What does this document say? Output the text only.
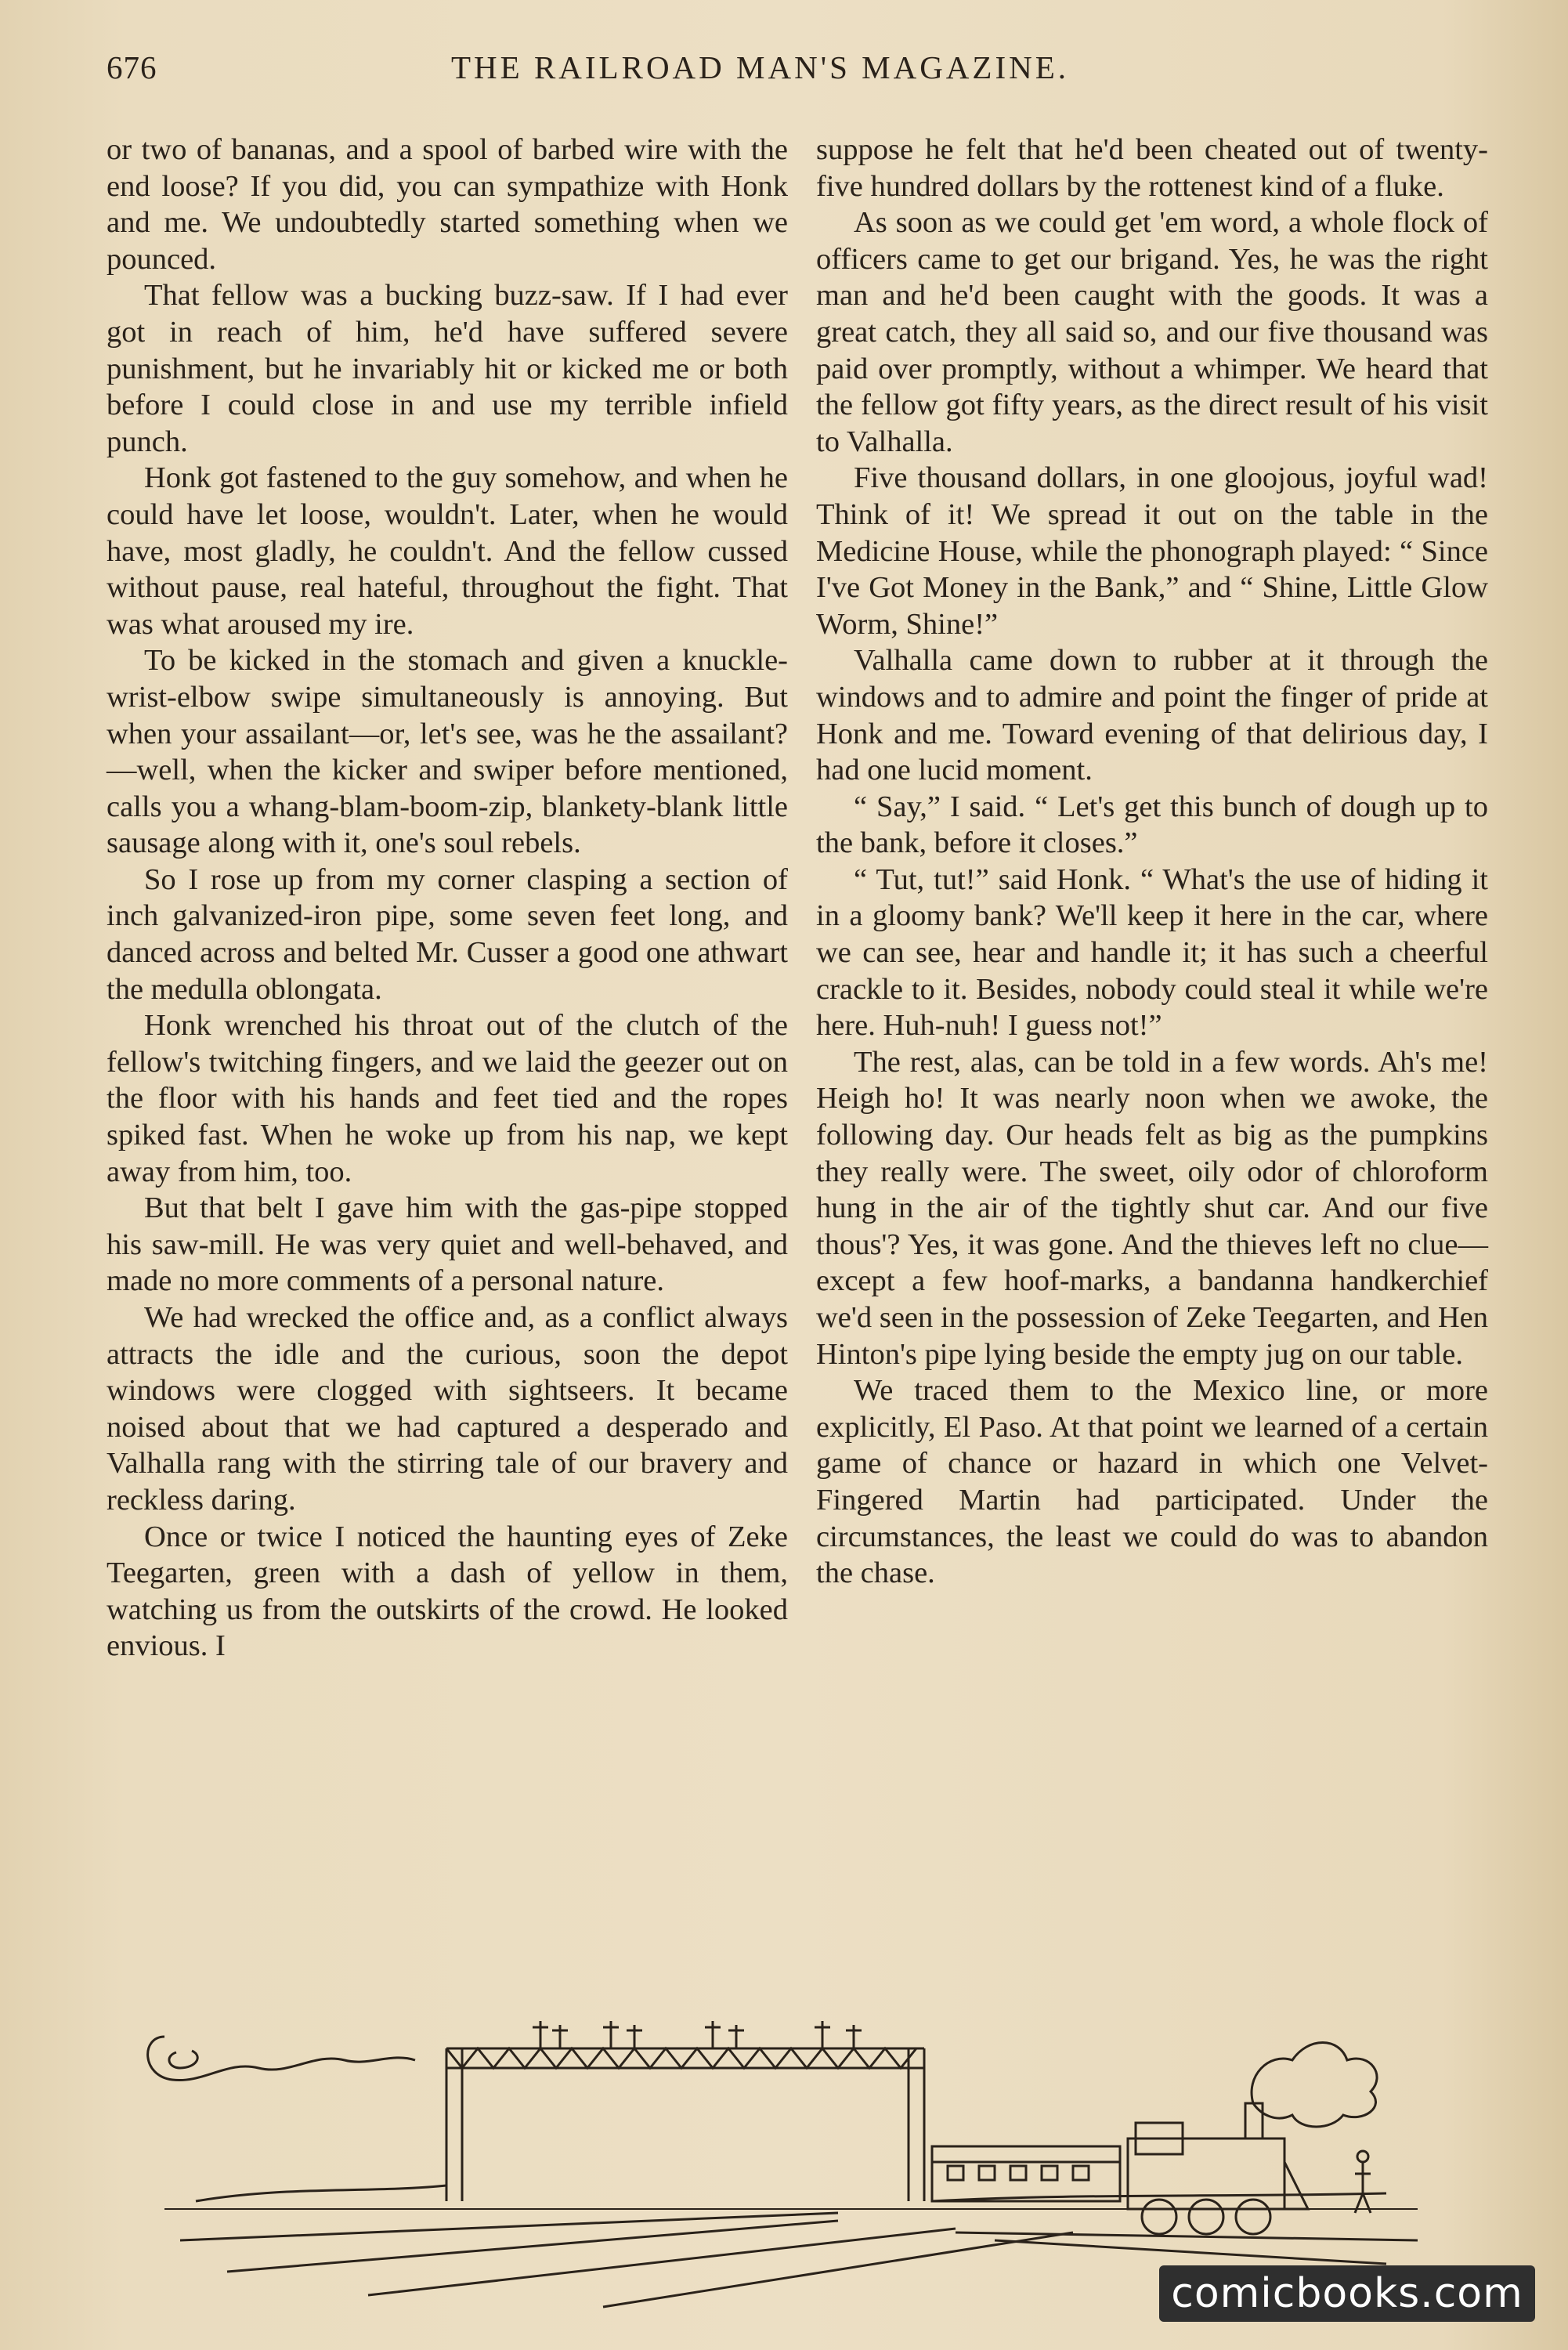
676	THE RAILROAD MAN'S MAGAZINE.

or two of bananas, and a spool of barbed wire with the end loose? If you did, you can sympathize with Honk and me. We undoubtedly started something when we pounced.

That fellow was a bucking buzz-saw. If I had ever got in reach of him, he'd have suffered severe punishment, but he invariably hit or kicked me or both before I could close in and use my terrible infield punch.

Honk got fastened to the guy somehow, and when he could have let loose, wouldn't. Later, when he would have, most gladly, he couldn't. And the fellow cussed without pause, real hateful, throughout the fight. That was what aroused my ire.

To be kicked in the stomach and given a knuckle-wrist-elbow swipe simultaneously is annoying. But when your assailant—or, let's see, was he the assailant?—well, when the kicker and swiper before mentioned, calls you a whang-blam-boom-zip, blankety-blank little sausage along with it, one's soul rebels.

So I rose up from my corner clasping a section of inch galvanized-iron pipe, some seven feet long, and danced across and belted Mr. Cusser a good one athwart the medulla oblongata.

Honk wrenched his throat out of the clutch of the fellow's twitching fingers, and we laid the geezer out on the floor with his hands and feet tied and the ropes spiked fast. When he woke up from his nap, we kept away from him, too.

But that belt I gave him with the gas-pipe stopped his saw-mill. He was very quiet and well-behaved, and made no more comments of a personal nature.

We had wrecked the office and, as a conflict always attracts the idle and the curious, soon the depot windows were clogged with sightseers. It became noised about that we had captured a desperado and Valhalla rang with the stirring tale of our bravery and reckless daring.

Once or twice I noticed the haunting eyes of Zeke Teegarten, green with a dash of yellow in them, watching us from the outskirts of the crowd. He looked envious. I

suppose he felt that he'd been cheated out of twenty-five hundred dollars by the rottenest kind of a fluke.

As soon as we could get 'em word, a whole flock of officers came to get our brigand. Yes, he was the right man and he'd been caught with the goods. It was a great catch, they all said so, and our five thousand was paid over promptly, without a whimper. We heard that the fellow got fifty years, as the direct result of his visit to Valhalla.

Five thousand dollars, in one gloojous, joyful wad! Think of it! We spread it out on the table in the Medicine House, while the phonograph played: “ Since I've Got Money in the Bank,” and “ Shine, Little Glow Worm, Shine!”

Valhalla came down to rubber at it through the windows and to admire and point the finger of pride at Honk and me. Toward evening of that delirious day, I had one lucid moment.

“ Say,” I said. “ Let's get this bunch of dough up to the bank, before it closes.”

“ Tut, tut!” said Honk. “ What's the use of hiding it in a gloomy bank? We'll keep it here in the car, where we can see, hear and handle it; it has such a cheerful crackle to it. Besides, nobody could steal it while we're here. Huh-nuh! I guess not!”

The rest, alas, can be told in a few words. Ah's me! Heigh ho! It was nearly noon when we awoke, the following day. Our heads felt as big as the pumpkins they really were. The sweet, oily odor of chloroform hung in the air of the tightly shut car. And our five thous'? Yes, it was gone. And the thieves left no clue—except a few hoof-marks, a bandanna handkerchief we'd seen in the possession of Zeke Teegarten, and Hen Hinton's pipe lying beside the empty jug on our table.

We traced them to the Mexico line, or more explicitly, El Paso. At that point we learned of a certain game of chance or hazard in which one Velvet-Fingered Martin had participated. Under the circumstances, the least we could do was to abandon the chase.

comicbooks.com
